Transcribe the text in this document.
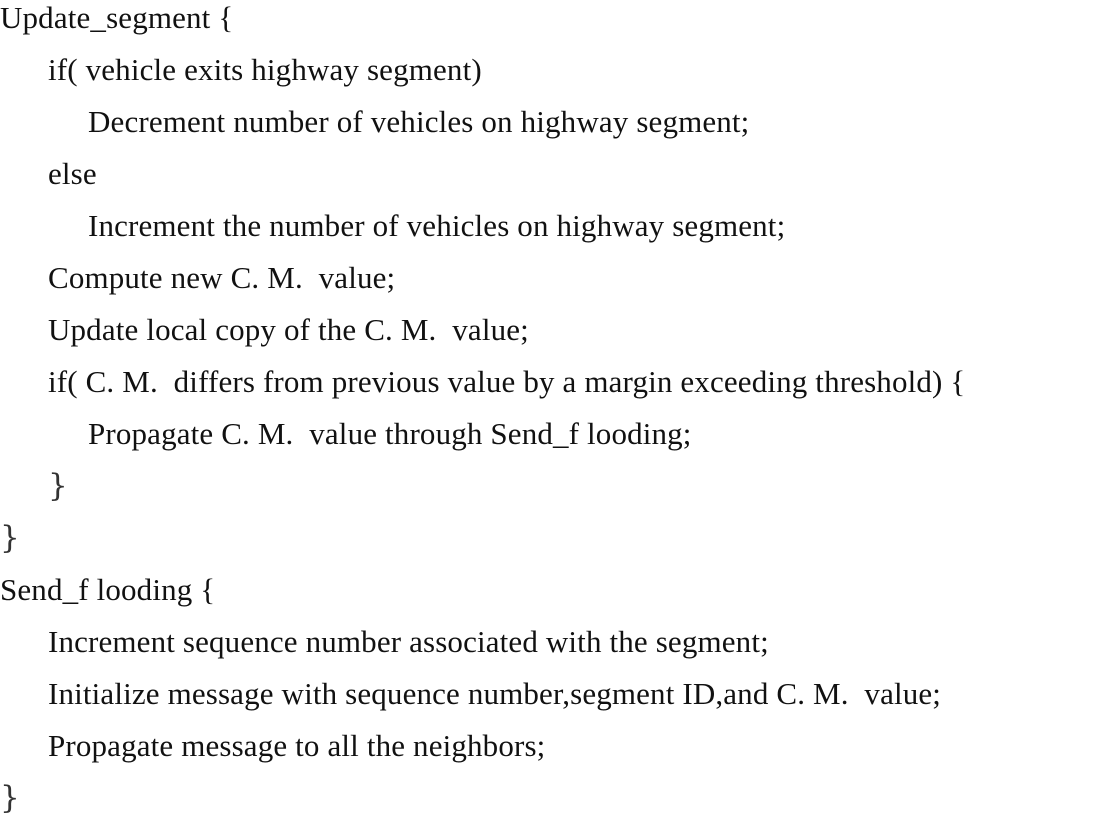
Update_segment {
if( vehicle exits highway segment)
Decrement number of vehicles on highway segment;
else
Increment the number of vehicles on highway segment;
Compute new C. M.  value;
Update local copy of the C. M.  value;
if( C. M.  differs from previous value by a margin exceeding threshold) {
Propagate C. M.  value through Send_f looding;
}
}
Send_f looding {
Increment sequence number associated with the segment;
Initialize message with sequence number,segment ID,and C. M.  value;
Propagate message to all the neighbors;
}
